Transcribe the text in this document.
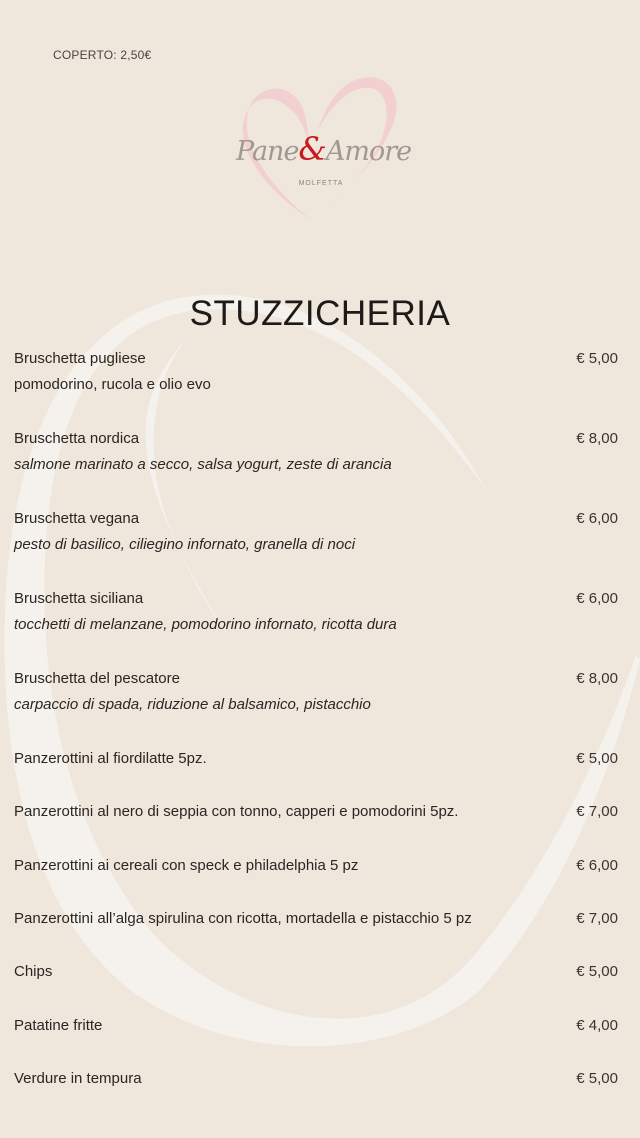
COPERTO: 2,50€
Pane&Amore
MOLFETTA
STUZZICHERIA
Bruschetta pugliese	€ 5,00
pomodorino, rucola e olio evo
Bruschetta nordica	€ 8,00
salmone marinato a secco, salsa yogurt, zeste di arancia
Bruschetta vegana	€ 6,00
pesto di basilico, ciliegino infornato, granella di noci
Bruschetta siciliana	€ 6,00
tocchetti di melanzane, pomodorino infornato, ricotta dura
Bruschetta del pescatore	€ 8,00
carpaccio di spada, riduzione al balsamico, pistacchio
Panzerottini al fiordilatte 5pz.	€ 5,00
Panzerottini al nero di seppia con tonno, capperi e pomodorini 5pz.	€ 7,00
Panzerottini ai cereali con speck e philadelphia 5 pz	€ 6,00
Panzerottini all’alga spirulina con ricotta, mortadella e pistacchio 5 pz	€ 7,00
Chips	€ 5,00
Patatine fritte	€ 4,00
Verdure in tempura	€ 5,00
